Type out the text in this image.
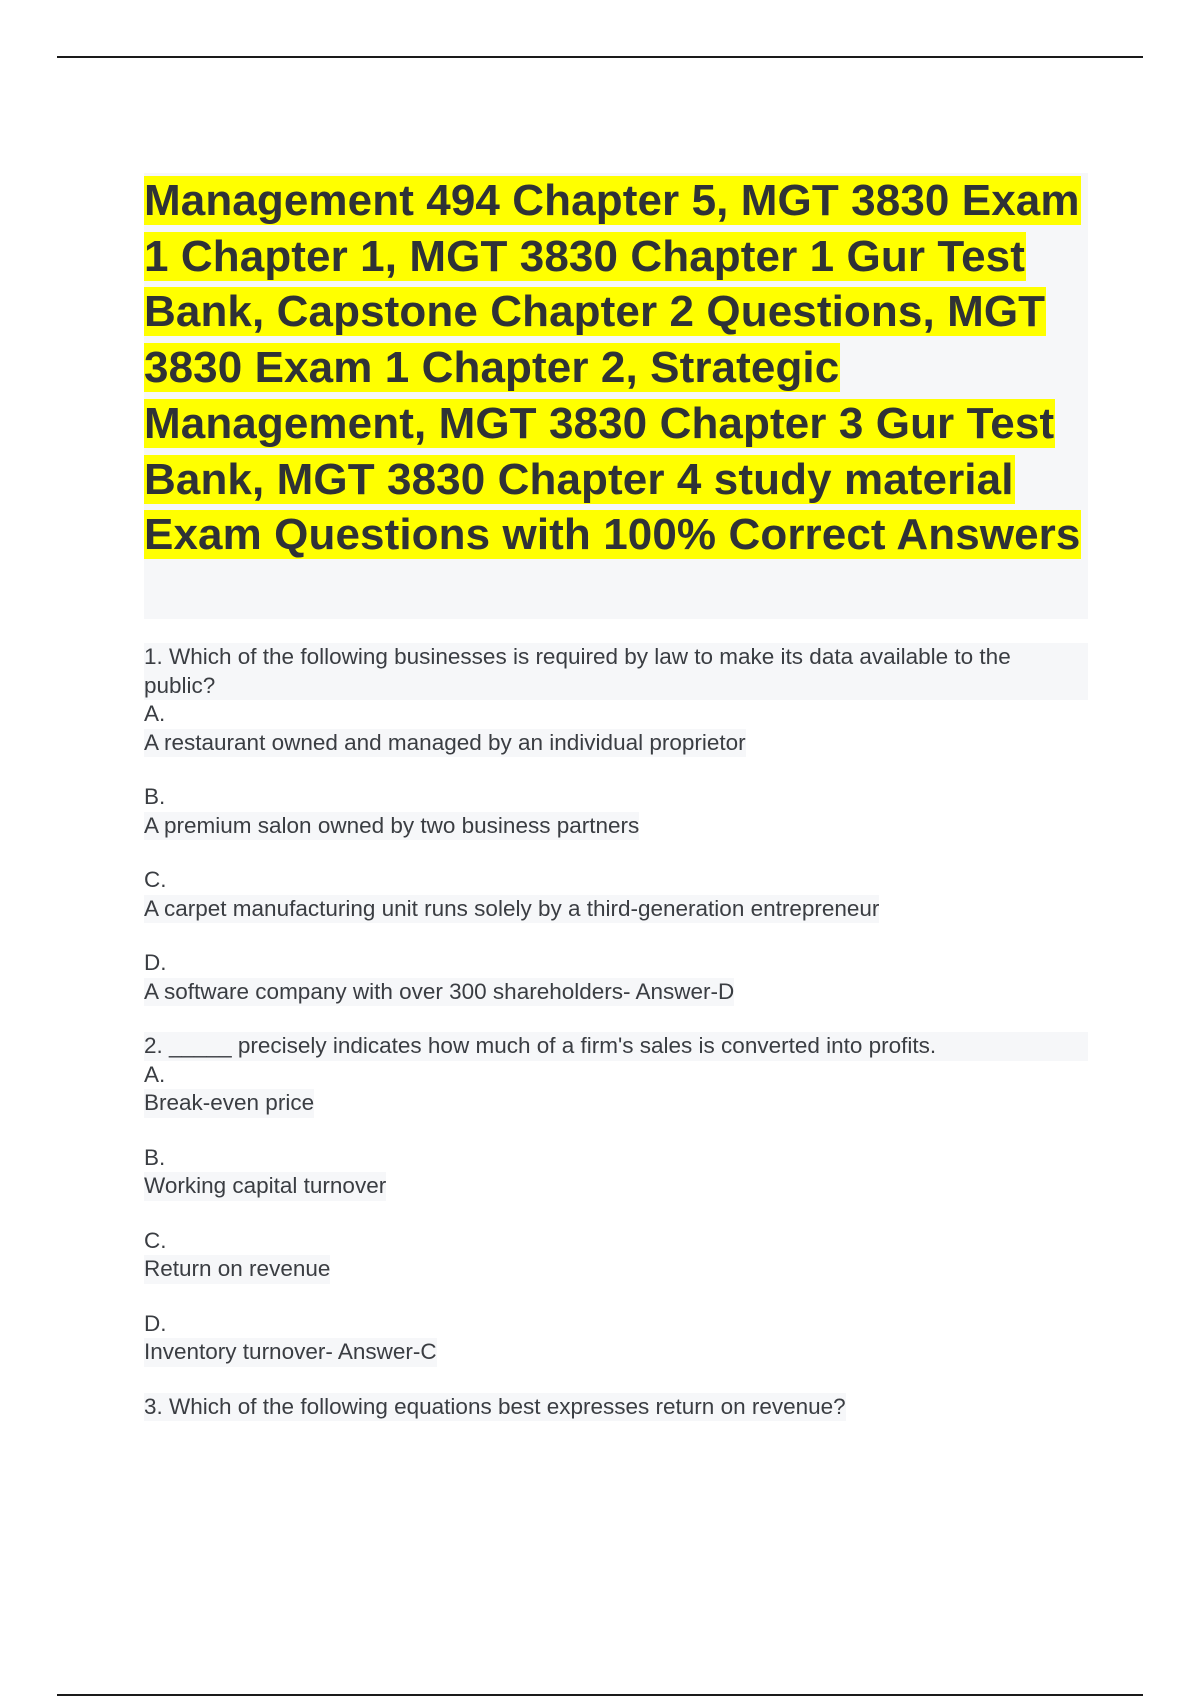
Management 494 Chapter 5, MGT 3830 Exam 1 Chapter 1, MGT 3830 Chapter 1 Gur Test Bank, Capstone Chapter 2 Questions, MGT 3830 Exam 1 Chapter 2, Strategic Management, MGT 3830 Chapter 3 Gur Test Bank, MGT 3830 Chapter 4 study material Exam Questions with 100% Correct Answers
1. Which of the following businesses is required by law to make its data available to the public?
A.
A restaurant owned and managed by an individual proprietor
B.
A premium salon owned by two business partners
C.
A carpet manufacturing unit runs solely by a third-generation entrepreneur
D.
A software company with over 300 shareholders- Answer-D
2. _____ precisely indicates how much of a firm's sales is converted into profits.
A.
Break-even price
B.
Working capital turnover
C.
Return on revenue
D.
Inventory turnover- Answer-C
3. Which of the following equations best expresses return on revenue?
